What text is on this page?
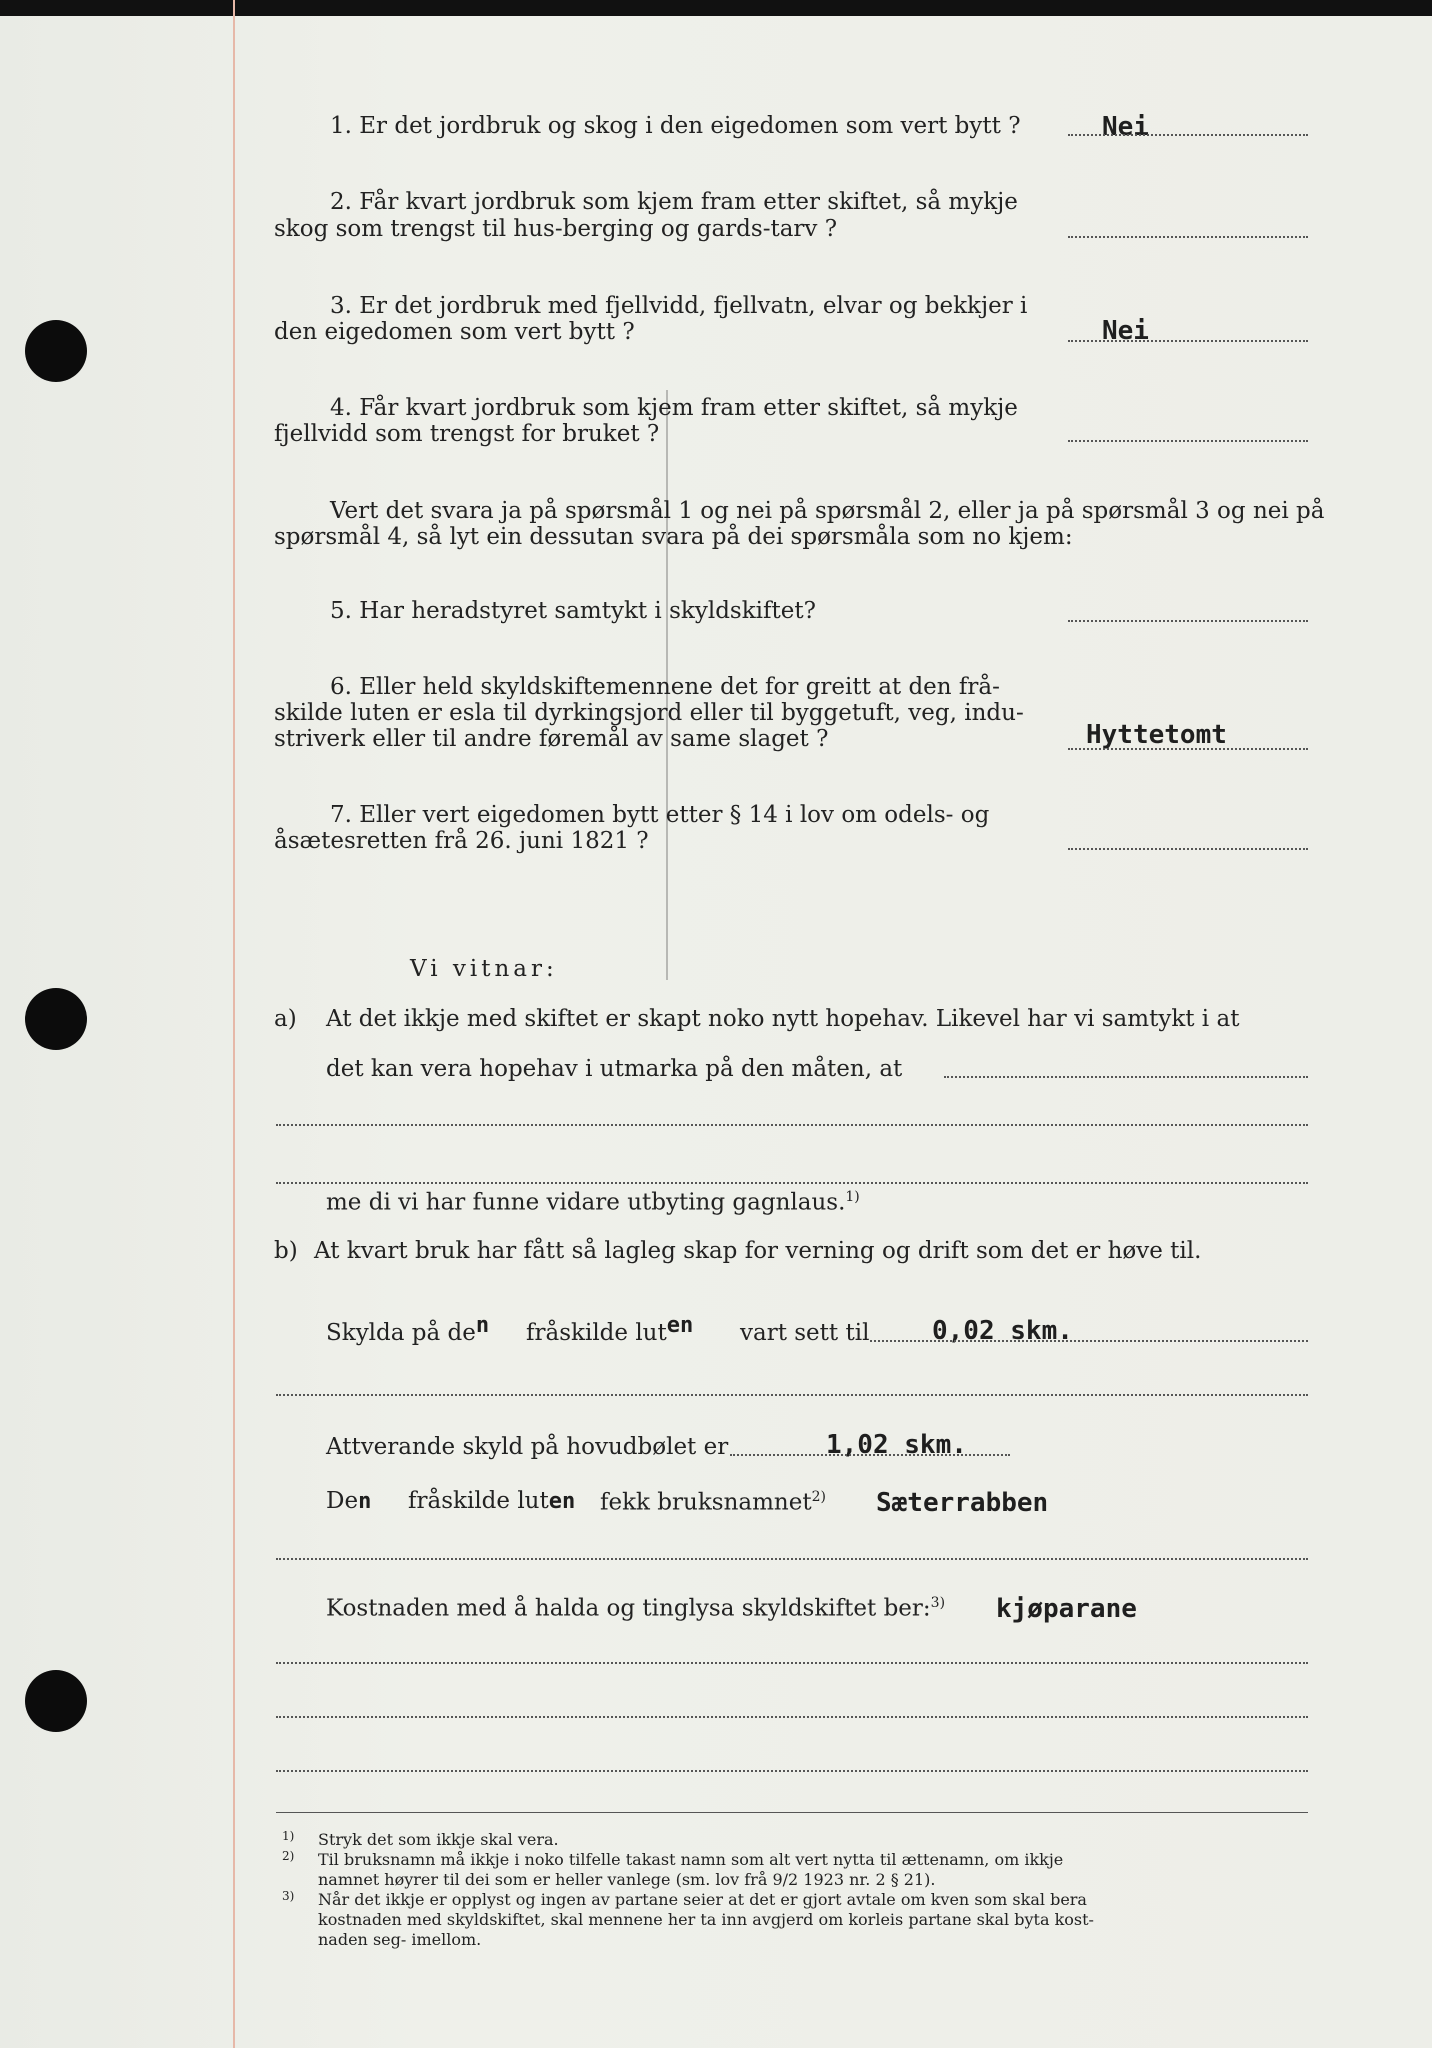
1. Er det jordbruk og skog i den eigedomen som vert bytt ?	Nei
2. Får kvart jordbruk som kjem fram etter skiftet, så mykje
skog som trengst til hus-berging og gards-tarv ?
3. Er det jordbruk med fjellvidd, fjellvatn, elvar og bekkjer i
den eigedomen som vert bytt ?	Nei
4. Får kvart jordbruk som kjem fram etter skiftet, så mykje
fjellvidd som trengst for bruket ?
Vert det svara ja på spørsmål 1 og nei på spørsmål 2, eller ja på spørsmål 3 og nei på
spørsmål 4, så lyt ein dessutan svara på dei spørsmåla som no kjem:
5. Har heradstyret samtykt i skyldskiftet?
6. Eller held skyldskiftemennene det for greitt at den frå-
skilde luten er esla til dyrkingsjord eller til byggetuft, veg, indu-
striverk eller til andre føremål av same slaget ?	Hyttetomt
7. Eller vert eigedomen bytt etter § 14 i lov om odels- og
åsætesretten frå 26. juni 1821 ?
Vi vitnar:
a) At det ikkje med skiftet er skapt noko nytt hopehav. Likevel har vi samtykt i at
det kan vera hopehav i utmarka på den måten, at
me di vi har funne vidare utbyting gagnlaus.$^{1)}$
b) At kvart bruk har fått så lagleg skap for verning og drift som det er høve til.
Skylda på den fråskilde luten vart sett til 0,02 skm.
Attverande skyld på hovudbølet er	1,02 skm.
Den fråskilde luten fekk bruksnamnet$^{2)}$ Sæterrabben
Kostnaden med å halda og tinglysa skyldskiftet ber:$^{3)}$ kjøparane
1) Stryk det som ikkje skal vera.
2) Til bruksnamn må ikkje i noko tilfelle takast namn som alt vert nytta til ættenamn, om ikkje
namnet høyrer til dei som er heller vanlege (sm. lov frå 9/2 1923 nr. 2 § 21).
3) Når det ikkje er opplyst og ingen av partane seier at det er gjort avtale om kven som skal bera
kostnaden med skyldskiftet, skal mennene her ta inn avgjerd om korleis partane skal byta kost-
naden seg- imellom.
